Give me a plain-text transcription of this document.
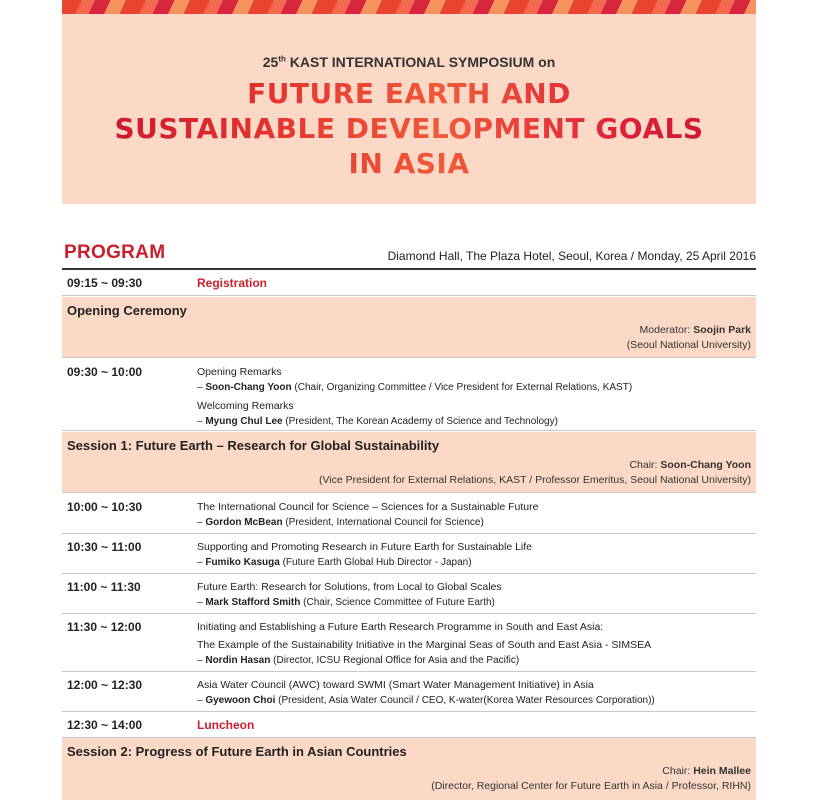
25th KAST INTERNATIONAL SYMPOSIUM on
FUTURE EARTH AND
SUSTAINABLE DEVELOPMENT GOALS
IN ASIA
PROGRAM	Diamond Hall, The Plaza Hotel, Seoul, Korea / Monday, 25 April 2016
09:15 ~ 09:30	Registration
Opening Ceremony
Moderator: Soojin Park
(Seoul National University)
09:30 ~ 10:00	Opening Remarks
– Soon-Chang Yoon (Chair, Organizing Committee / Vice President for External Relations, KAST)
Welcoming Remarks
– Myung Chul Lee (President, The Korean Academy of Science and Technology)
Session 1: Future Earth – Research for Global Sustainability
Chair: Soon-Chang Yoon
(Vice President for External Relations, KAST / Professor Emeritus, Seoul National University)
10:00 ~ 10:30	The International Council for Science – Sciences for a Sustainable Future
– Gordon McBean (President, International Council for Science)
10:30 ~ 11:00	Supporting and Promoting Research in Future Earth for Sustainable Life
– Fumiko Kasuga (Future Earth Global Hub Director - Japan)
11:00 ~ 11:30	Future Earth: Research for Solutions, from Local to Global Scales
– Mark Stafford Smith (Chair, Science Committee of Future Earth)
11:30 ~ 12:00	Initiating and Establishing a Future Earth Research Programme in South and East Asia:
The Example of the Sustainability Initiative in the Marginal Seas of South and East Asia - SIMSEA
– Nordin Hasan (Director, ICSU Regional Office for Asia and the Pacific)
12:00 ~ 12:30	Asia Water Council (AWC) toward SWMI (Smart Water Management Initiative) in Asia
– Gyewoon Choi (President, Asia Water Council / CEO, K-water(Korea Water Resources Corporation))
12:30 ~ 14:00	Luncheon
Session 2: Progress of Future Earth in Asian Countries
Chair: Hein Mallee
(Director, Regional Center for Future Earth in Asia / Professor, RIHN)
